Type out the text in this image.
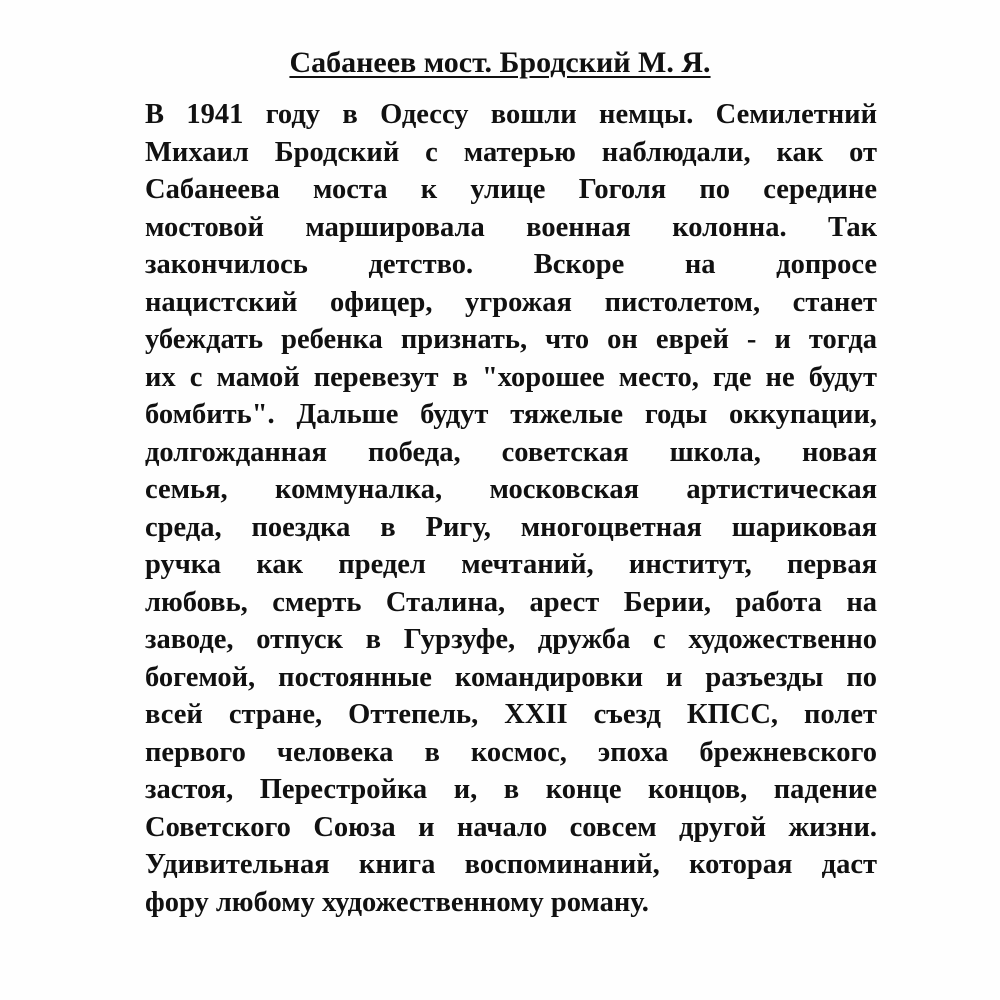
Сабанеев мост. Бродский М. Я.
В 1941 году в Одессу вошли немцы. Семилетний
Михаил Бродский с матерью наблюдали, как от
Сабанеева моста к улице Гоголя по середине
мостовой маршировала военная колонна. Так
закончилось детство. Вскоре на допросе
нацистский офицер, угрожая пистолетом, станет
убеждать ребенка признать, что он еврей - и тогда
их с мамой перевезут в "хорошее место, где не будут
бомбить". Дальше будут тяжелые годы оккупации,
долгожданная победа, советская школа, новая
семья, коммуналка, московская артистическая
среда, поездка в Ригу, многоцветная шариковая
ручка как предел мечтаний, институт, первая
любовь, смерть Сталина, арест Берии, работа на
заводе, отпуск в Гурзуфе, дружба с художественно
богемой, постоянные командировки и разъезды по
всей стране, Оттепель, XXII съезд КПСС, полет
первого человека в космос, эпоха брежневского
застоя, Перестройка и, в конце концов, падение
Советского Союза и начало совсем другой жизни.
Удивительная книга воспоминаний, которая даст
фору любому художественному роману.
